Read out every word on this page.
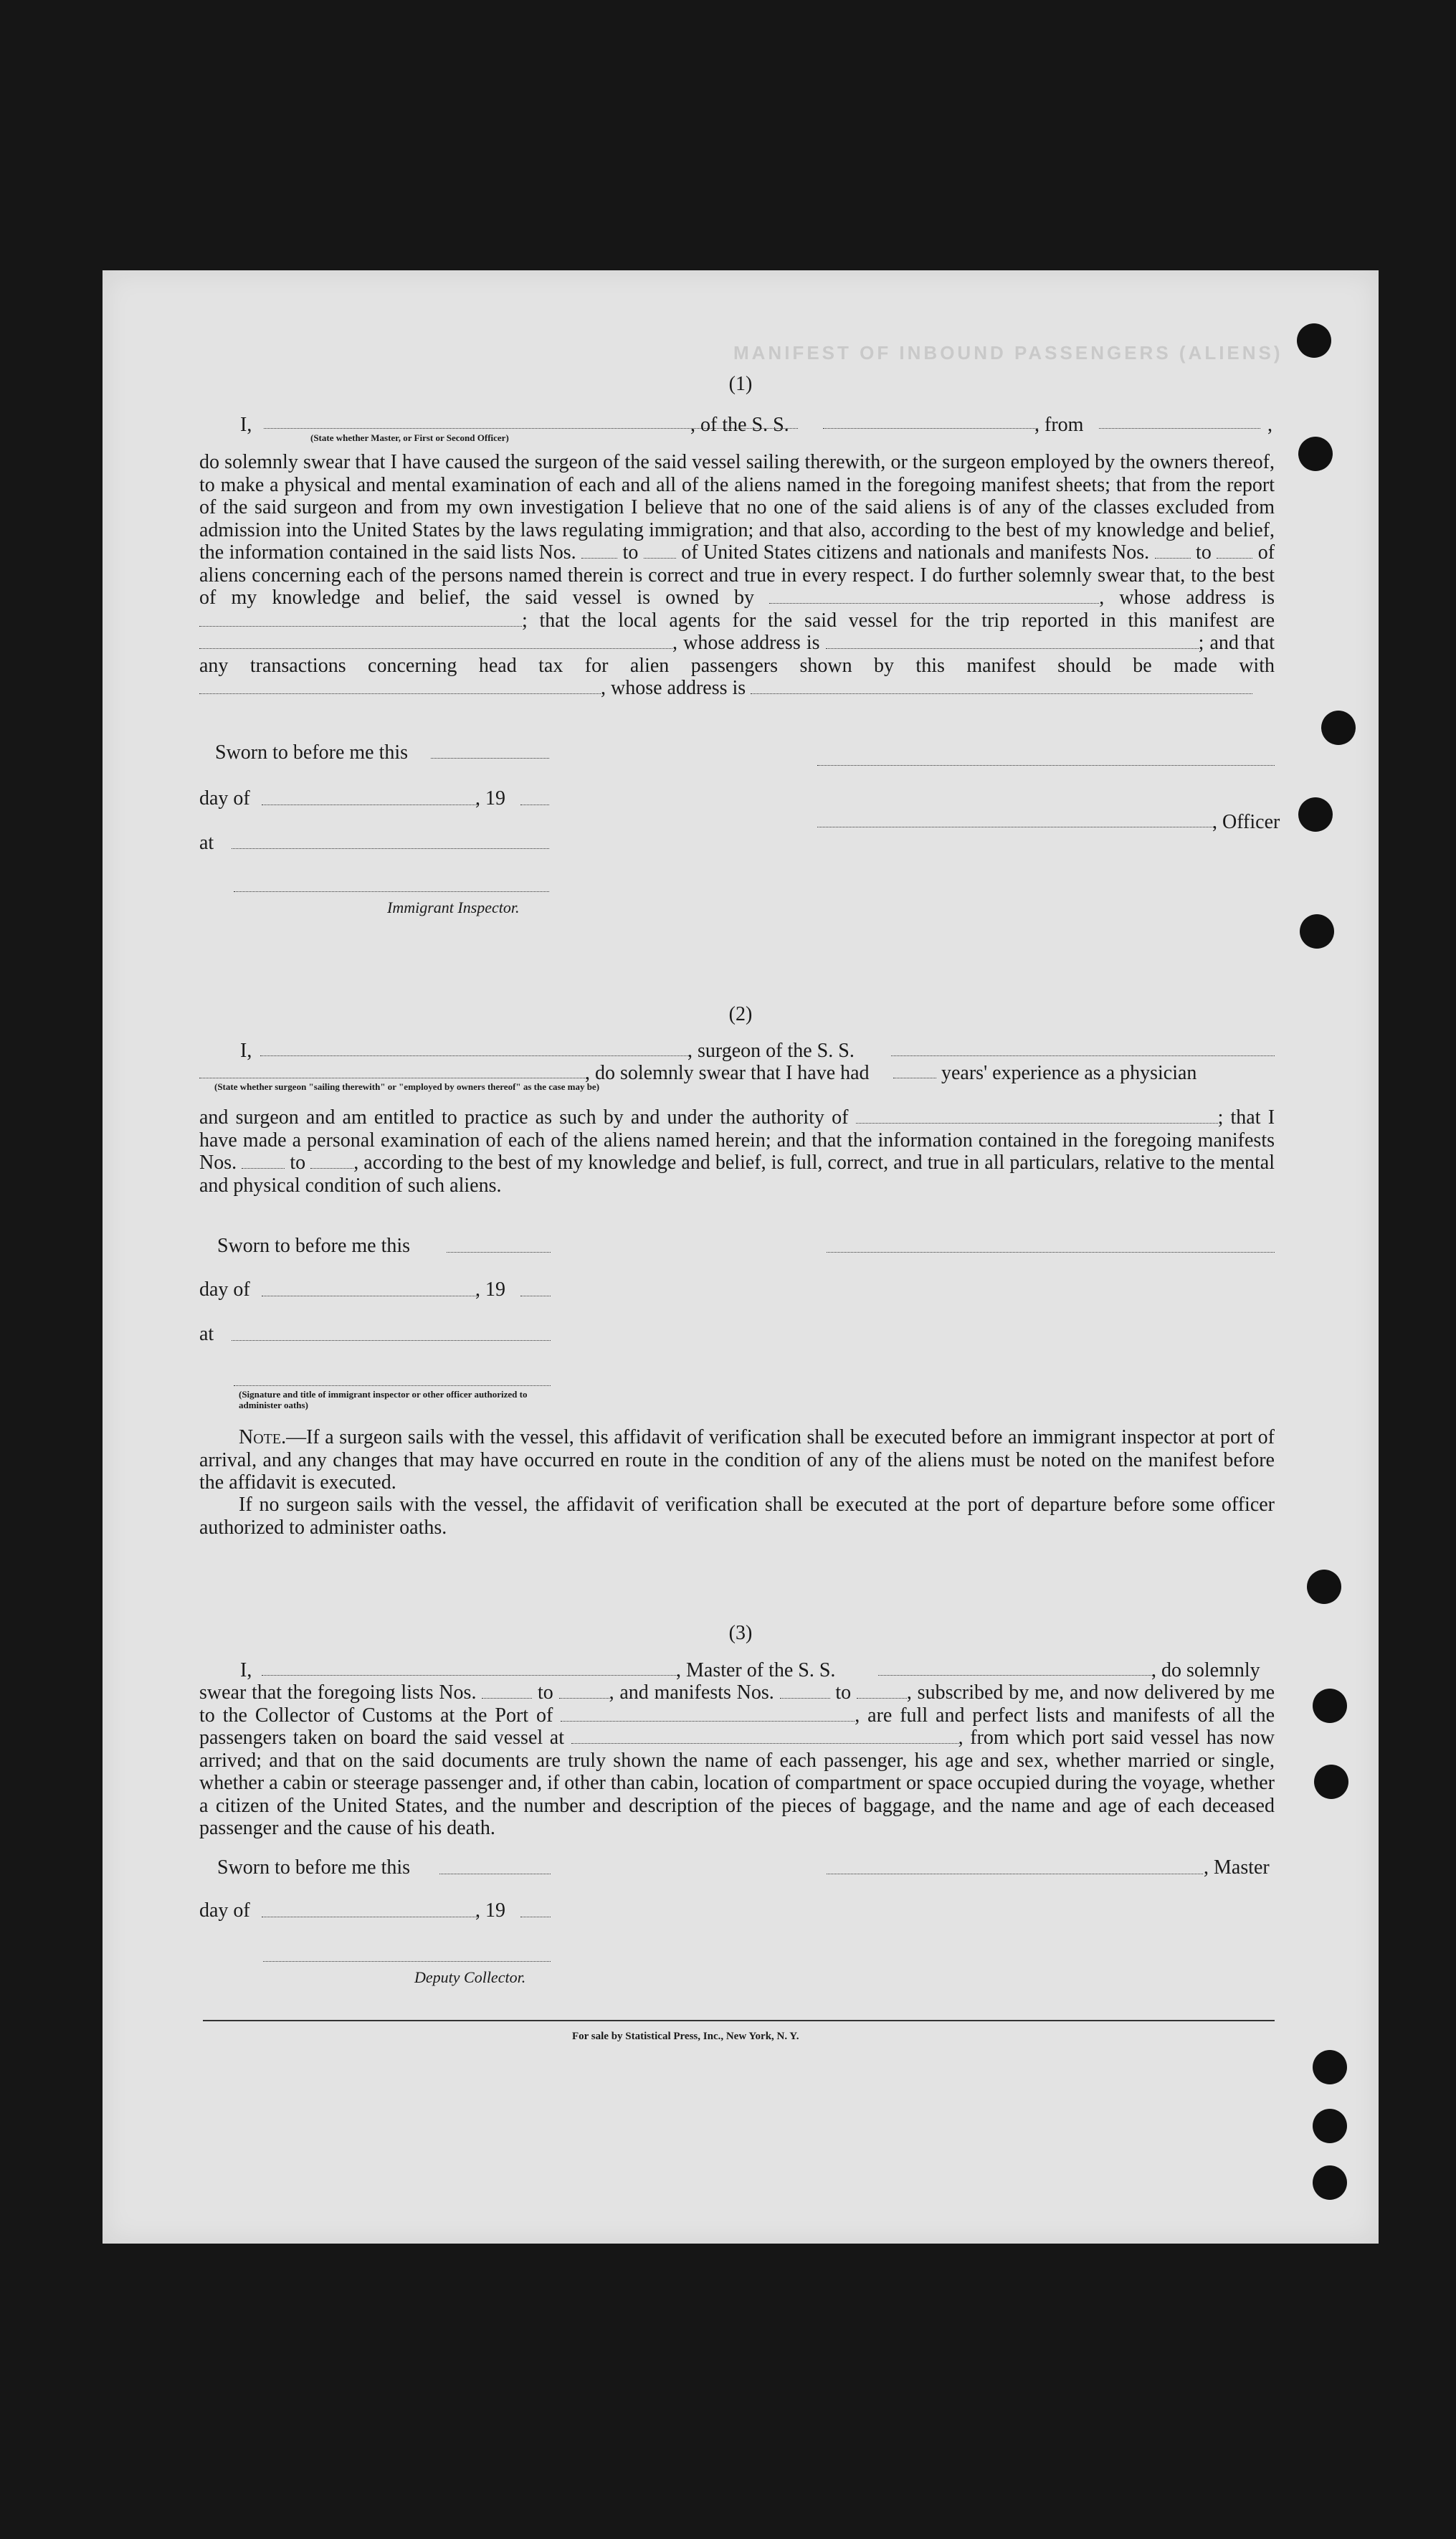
MANIFEST OF INBOUND PASSENGERS (ALIENS)
(1)
I,
(State whether Master, or First or Second Officer)
, of the S. S.	, from	,

do solemnly swear that I have caused the surgeon of the said vessel sailing therewith, or the surgeon employed by the owners thereof, to make a physical and mental examination of each and all of the aliens named in the foregoing manifest sheets; that from the report of the said surgeon and from my own investigation I believe that no one of the said aliens is of any of the classes excluded from admission into the United States by the laws regulating immigration; and that also, according to the best of my knowledge and belief, the information contained in the said lists Nos. to of United States citizens and nationals and manifests Nos. to of aliens concerning each of the persons named therein is correct and true in every respect. I do further solemnly swear that, to the best of my knowledge and belief, the said vessel is owned by	, whose address is ; that the local agents for the said vessel for the trip reported in this manifest are , whose address is	; and that any transactions concerning head tax for alien passengers shown by this manifest should be made with , whose address is

Sworn to before me this
day of	, 19
, Officer
at
Immigrant Inspector.
(2)
I,	, surgeon of the S. S.
, do solemnly swear that I have had	years' experience as a physician
(State whether surgeon "sailing therewith" or "employed by owners thereof" as the case may be)

and surgeon and am entitled to practice as such by and under the authority of	; that I have made a personal examination of each of the aliens named herein; and that the information contained in the foregoing manifests Nos.	to , according to the best of my knowledge and belief, is full, correct, and true in all particulars, relative to the mental and physical condition of such aliens.

Sworn to before me this
day of	, 19
at
(Signature and title of immigrant inspector or other officer authorized to administer oaths)

Note.—If a surgeon sails with the vessel, this affidavit of verification shall be executed before an immigrant inspector at port of arrival, and any changes that may have occurred en route in the condition of any of the aliens must be noted on the manifest before the affidavit is executed.

If no surgeon sails with the vessel, the affidavit of verification shall be executed at the port of departure before some officer authorized to administer oaths.

(3)
I,	, Master of the S. S.	, do solemnly

swear that the foregoing lists Nos.	to	, and manifests Nos.	to	, subscribed by me, and now delivered by me to the Collector of Customs at the Port of	, are full and perfect lists and manifests of all the passengers taken on board the said vessel at	, from which port said vessel has now arrived; and that on the said documents are truly shown the name of each passenger, his age and sex, whether married or single, whether a cabin or steerage passenger and, if other than cabin, location of compartment or space occupied during the voyage, whether a citizen of the United States, and the number and description of the pieces of baggage, and the name and age of each deceased passenger and the cause of his death.

Sworn to before me this	, Master
day of	, 19
Deputy Collector.
For sale by Statistical Press, Inc., New York, N. Y.
